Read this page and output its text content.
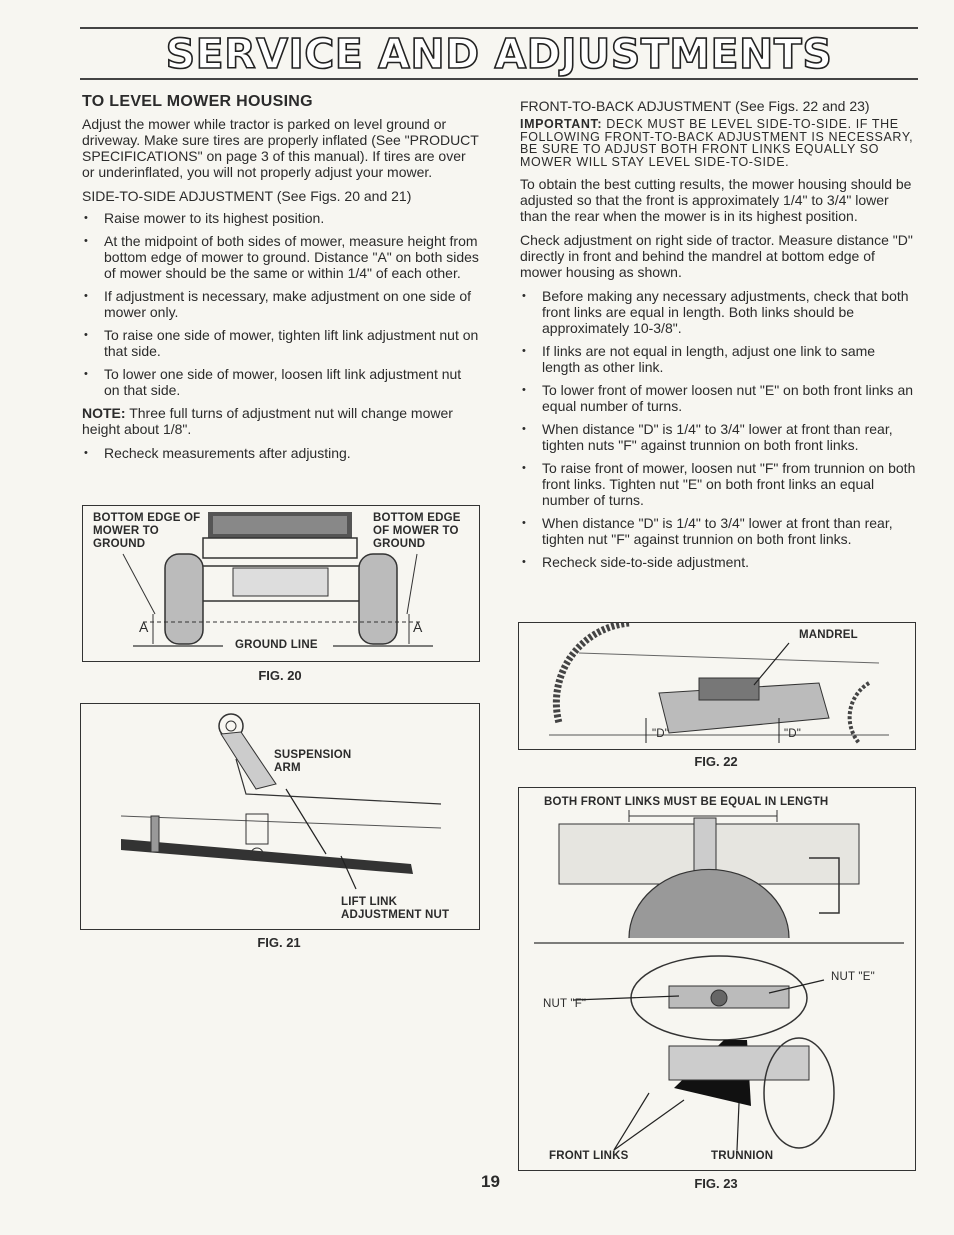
SERVICE AND ADJUSTMENTS
TO LEVEL MOWER HOUSING

Adjust the mower while tractor is parked on level ground or driveway. Make sure tires are properly inflated (See "PRODUCT SPECIFICATIONS" on page 3 of this manual). If tires are over or underinflated, you will not properly adjust your mower.

SIDE-TO-SIDE ADJUSTMENT (See Figs. 20 and 21)

• Raise mower to its highest position.
• At the midpoint of both sides of mower, measure height from bottom edge of mower to ground. Distance "A" on both sides of mower should be the same or within 1/4" of each other.
• If adjustment is necessary, make adjustment on one side of mower only.
• To raise one side of mower, tighten lift link adjustment nut on that side.
• To lower one side of mower, loosen lift link adjustment nut on that side.

NOTE: Three full turns of adjustment nut will change mower height about 1/8".

• Recheck measurements after adjusting.
BOTTOM EDGE OF MOWER TO GROUND
BOTTOM EDGE OF MOWER TO GROUND
GROUND LINE
A	A
FIG. 20
SUSPENSION ARM
LIFT LINK ADJUSTMENT NUT
FIG. 21

FRONT-TO-BACK ADJUSTMENT (See Figs. 22 and 23)

IMPORTANT: DECK MUST BE LEVEL SIDE-TO-SIDE. IF THE FOLLOWING FRONT-TO-BACK ADJUSTMENT IS NECESSARY, BE SURE TO ADJUST BOTH FRONT LINKS EQUALLY SO MOWER WILL STAY LEVEL SIDE-TO-SIDE.

To obtain the best cutting results, the mower housing should be adjusted so that the front is approximately 1/4" to 3/4" lower than the rear when the mower is in its highest position.

Check adjustment on right side of tractor. Measure distance "D" directly in front and behind the mandrel at bottom edge of mower housing as shown.

• Before making any necessary adjustments, check that both front links are equal in length. Both links should be approximately 10-3/8".
• If links are not equal in length, adjust one link to same length as other link.
• To lower front of mower loosen nut "E" on both front links an equal number of turns.
• When distance "D" is 1/4" to 3/4" lower at front than rear, tighten nuts "F" against trunnion on both front links.
• To raise front of mower, loosen nut "F" from trunnion on both front links. Tighten nut "E" on both front links an equal number of turns.
• When distance "D" is 1/4" to 3/4" lower at front than rear, tighten nut "F" against trunnion on both front links.
• Recheck side-to-side adjustment.
MANDREL
"D"	"D"
FIG. 22
BOTH FRONT LINKS MUST BE EQUAL IN LENGTH
NUT "E"
NUT "F"
FRONT LINKS	TRUNNION
FIG. 23
19
